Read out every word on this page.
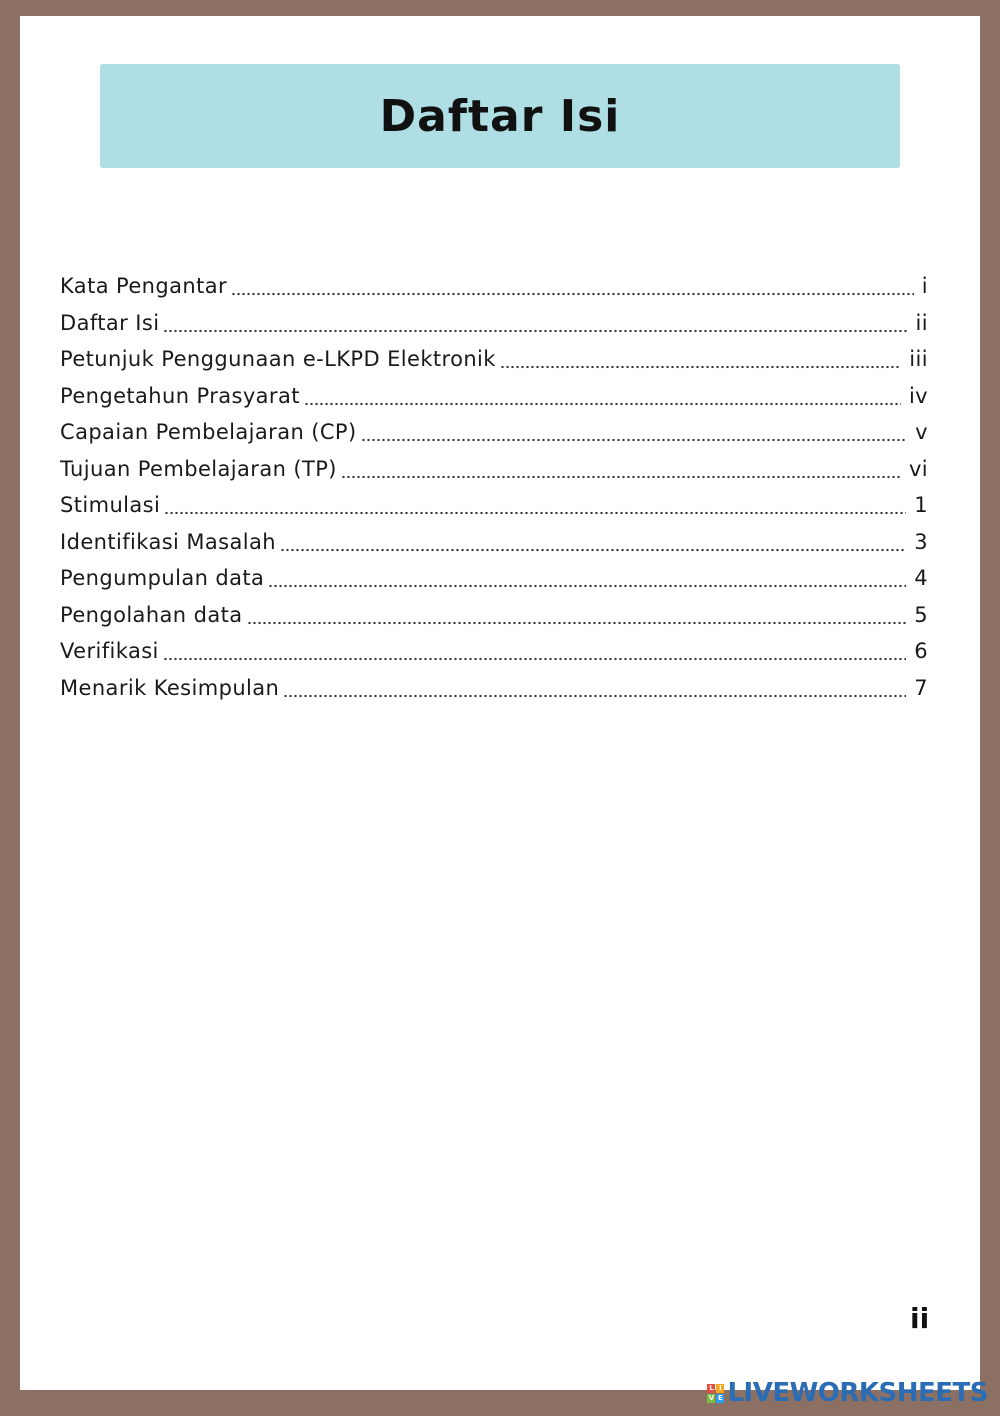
Daftar Isi
Kata Pengantar	i
Daftar Isi	ii
Petunjuk Penggunaan e-LKPD Elektronik	iii
Pengetahun Prasyarat	iv
Capaian Pembelajaran (CP)	v
Tujuan Pembelajaran (TP)	vi
Stimulasi	1
Identifikasi Masalah	3
Pengumpulan data	4
Pengolahan data	5
Verifikasi	6
Menarik Kesimpulan	7
ii
L I
V E LIVEWORKSHEETS
